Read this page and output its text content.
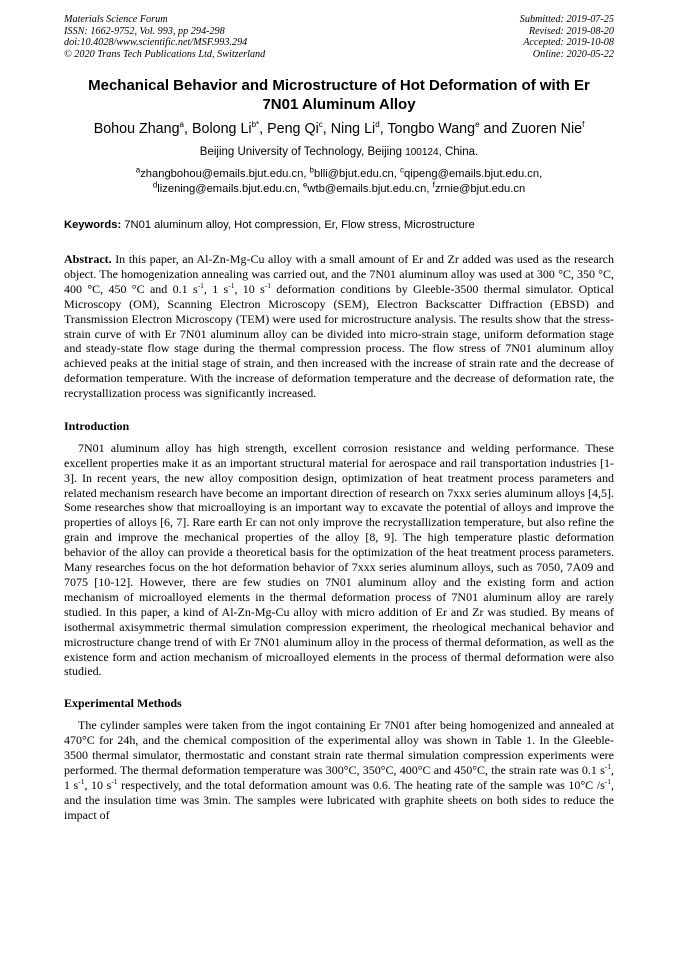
Materials Science Forum
ISSN: 1662-9752, Vol. 993, pp 294-298
doi:10.4028/www.scientific.net/MSF.993.294
© 2020 Trans Tech Publications Ltd, Switzerland
Submitted: 2019-07-25
Revised: 2019-08-20
Accepted: 2019-10-08
Online: 2020-05-22
Mechanical Behavior and Microstructure of Hot Deformation of with Er
7N01 Aluminum Alloy
Bohou Zhang$^a$, Bolong $Li^{b*}$, Peng Qi$^c$, Ning Li$^d$, Tongbo Wang$^e$ and Zuoren Nie$^f$
Beijing University of Technology, Beijing 100124, China.
$^a$zhangbohou@emails.bjut.edu.cn, $^b$blli@bjut.edu.cn, $^c$qipeng@emails.bjut.edu.cn,
$^d$lizening@emails.bjut.edu.cn, $^e$wtb@emails.bjut.edu.cn, $^f$zrnie@bjut.edu.cn
Keywords: 7N01 aluminum alloy, Hot compression, Er, Flow stress, Microstructure
Abstract. In this paper, an Al-Zn-Mg-Cu alloy with a small amount of Er and Zr added was used as the research object. The homogenization annealing was carried out, and the 7N01 aluminum alloy was used at 300 °C, 350 °C, 400 °C, 450 °C and 0.1 $s^{-1}$, 1 $s^{-1}$, 10 $s^{-1}$ deformation conditions by Gleeble-3500 thermal simulator. Optical Microscopy (OM), Scanning Electron Microscopy (SEM), Electron Backscatter Diffraction (EBSD) and Transmission Electron Microscopy (TEM) were used for microstructure analysis. The results show that the stress-strain curve of with Er 7N01 aluminum alloy can be divided into micro-strain stage, uniform deformation stage and steady-state flow stage during the thermal compression process. The flow stress of 7N01 aluminum alloy achieved peaks at the initial stage of strain, and then increased with the increase of strain rate and the decrease of deformation temperature. With the increase of deformation temperature and the decrease of deformation rate, the recrystallization process was significantly increased.
Introduction
7N01 aluminum alloy has high strength, excellent corrosion resistance and welding performance. These excellent properties make it as an important structural material for aerospace and rail transportation industries [1-3]. In recent years, the new alloy composition design, optimization of heat treatment process parameters and related mechanism research have become an important direction of research on 7xxx series aluminum alloys [4,5]. Some researches show that microalloying is an important way to excavate the potential of alloys and improve the properties of alloys [6, 7]. Rare earth Er can not only improve the recrystallization temperature, but also refine the grain and improve the mechanical properties of the alloy [8, 9]. The high temperature plastic deformation behavior of the alloy can provide a theoretical basis for the optimization of the heat treatment process parameters. Many researches focus on the hot deformation behavior of 7xxx series aluminum alloys, such as 7050, 7A09 and 7075 [10-12]. However, there are few studies on 7N01 aluminum alloy and the existing form and action mechanism of microalloyed elements in the thermal deformation process of 7N01 aluminum alloy are rarely studied. In this paper, a kind of Al-Zn-Mg-Cu alloy with micro addition of Er and Zr was studied. By means of isothermal axisymmetric thermal simulation compression experiment, the rheological mechanical behavior and microstructure change trend of with Er 7N01 aluminum alloy in the process of thermal deformation, as well as the existence form and action mechanism of microalloyed elements in the process of thermal deformation were also studied.
Experimental Methods
The cylinder samples were taken from the ingot containing Er 7N01 after being homogenized and annealed at 470°C for 24h, and the chemical composition of the experimental alloy was shown in Table 1. In the Gleeble-3500 thermal simulator, thermostatic and constant strain rate thermal simulation compression experiments were performed. The thermal deformation temperature was 300°C, 350°C, 400°C and 450°C, the strain rate was 0.1 $s^{-1}$, 1 $s^{-1}$, 10 $s^{-1}$ respectively, and the total deformation amount was 0.6. The heating rate of the sample was 10°C $/s^{-1}$, and the insulation time was 3min. The samples were lubricated with graphite sheets on both sides to reduce the impact of
